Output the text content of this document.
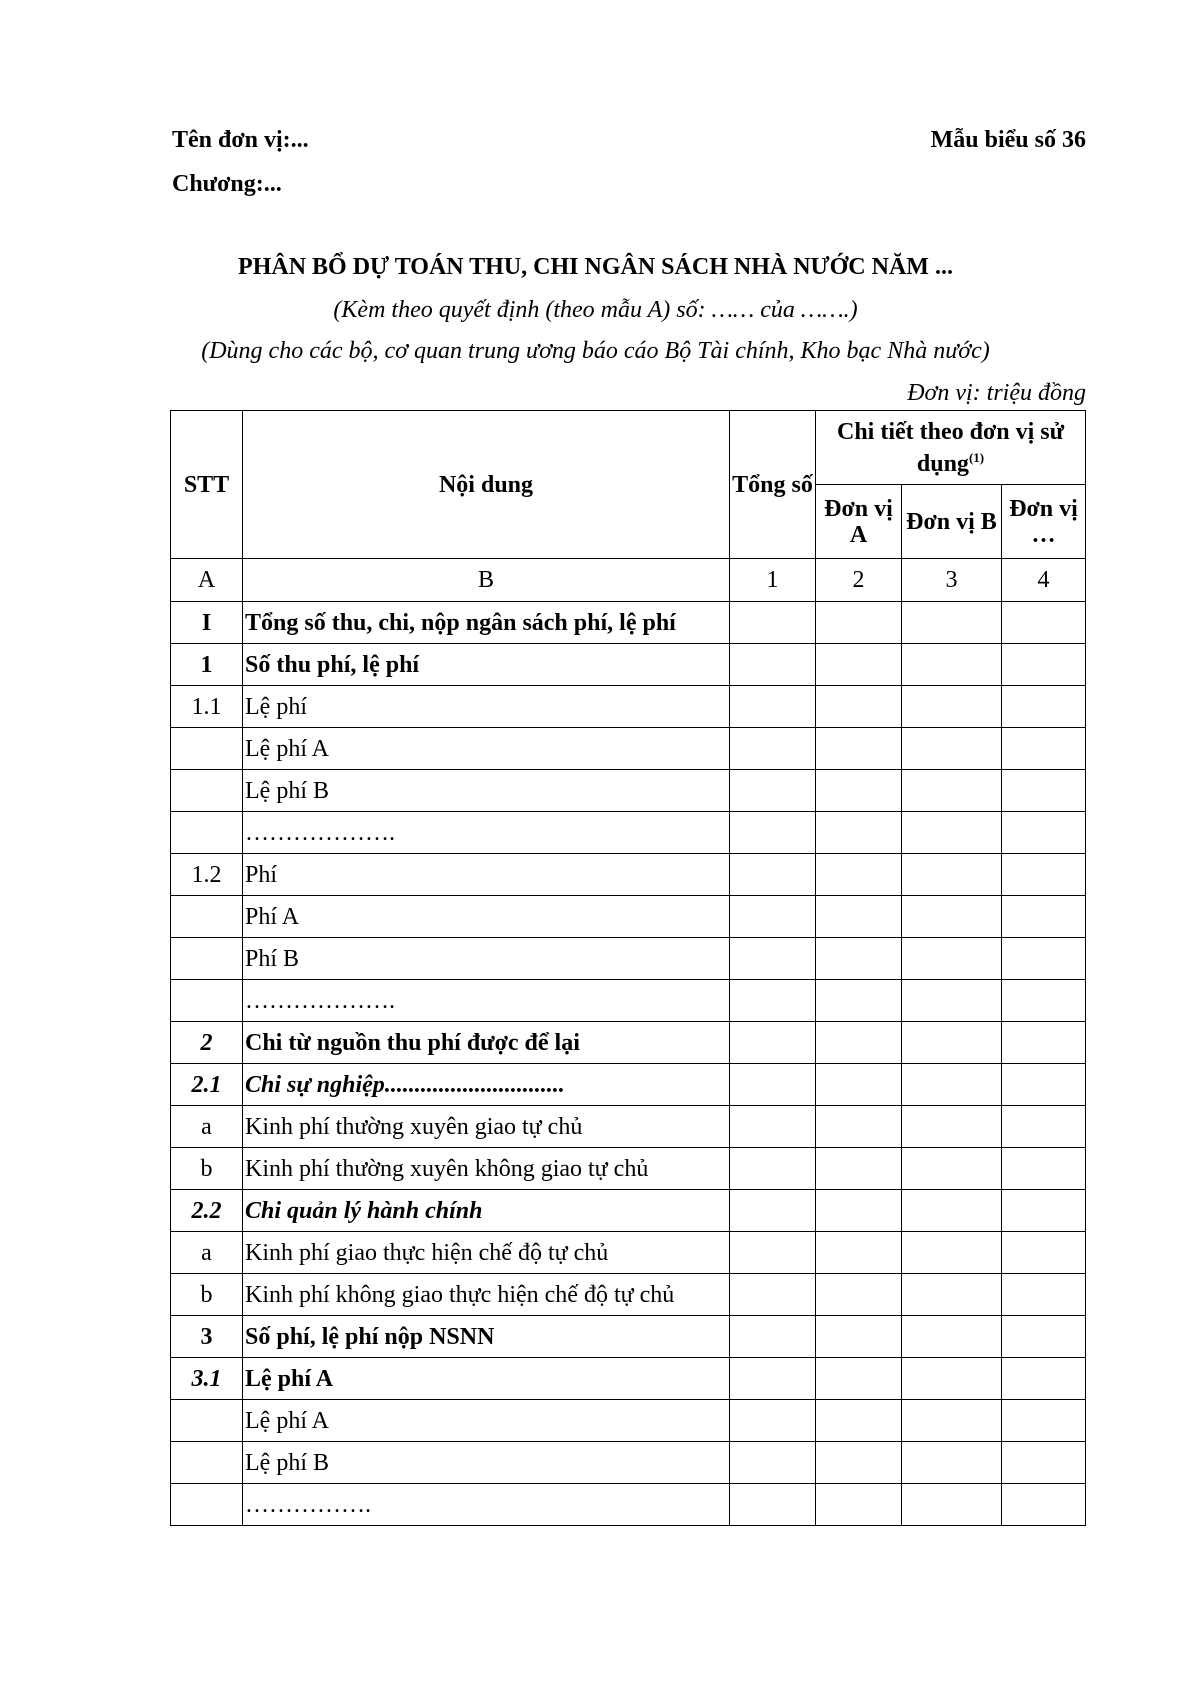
Tên đơn vị:...
Chương:...
Mẫu biểu số 36
PHÂN BỔ DỰ TOÁN THU, CHI NGÂN SÁCH NHÀ NƯỚC NĂM ...
(Kèm theo quyết định (theo mẫu A) số: …… của …….)
(Dùng cho các bộ, cơ quan trung ương báo cáo Bộ Tài chính, Kho bạc Nhà nước)
Đơn vị: triệu đồng
STT	Nội dung	Tổng số	Chi tiết theo đơn vị sử dụng$^{(1)}$
			Đơn vị A	Đơn vị B	Đơn vị …
A	B	1	2	3	4
I	Tổng số thu, chi, nộp ngân sách phí, lệ phí				
1	Số thu phí, lệ phí				
1.1	Lệ phí				
	Lệ phí A				
	Lệ phí B				
	……………….				
1.2	Phí				
	Phí A				
	Phí B				
	……………….				
2	Chi từ nguồn thu phí được để lại				
2.1	Chi sự nghiệp..............................				
a	Kinh phí thường xuyên giao tự chủ				
b	Kinh phí thường xuyên không giao tự chủ				
2.2	Chi quản lý hành chính				
a	Kinh phí giao thực hiện chế độ tự chủ				
b	Kinh phí không giao thực hiện chế độ tự chủ				
3	Số phí, lệ phí nộp NSNN				
3.1	Lệ phí A				
	Lệ phí A				
	Lệ phí B				
	…………….				
